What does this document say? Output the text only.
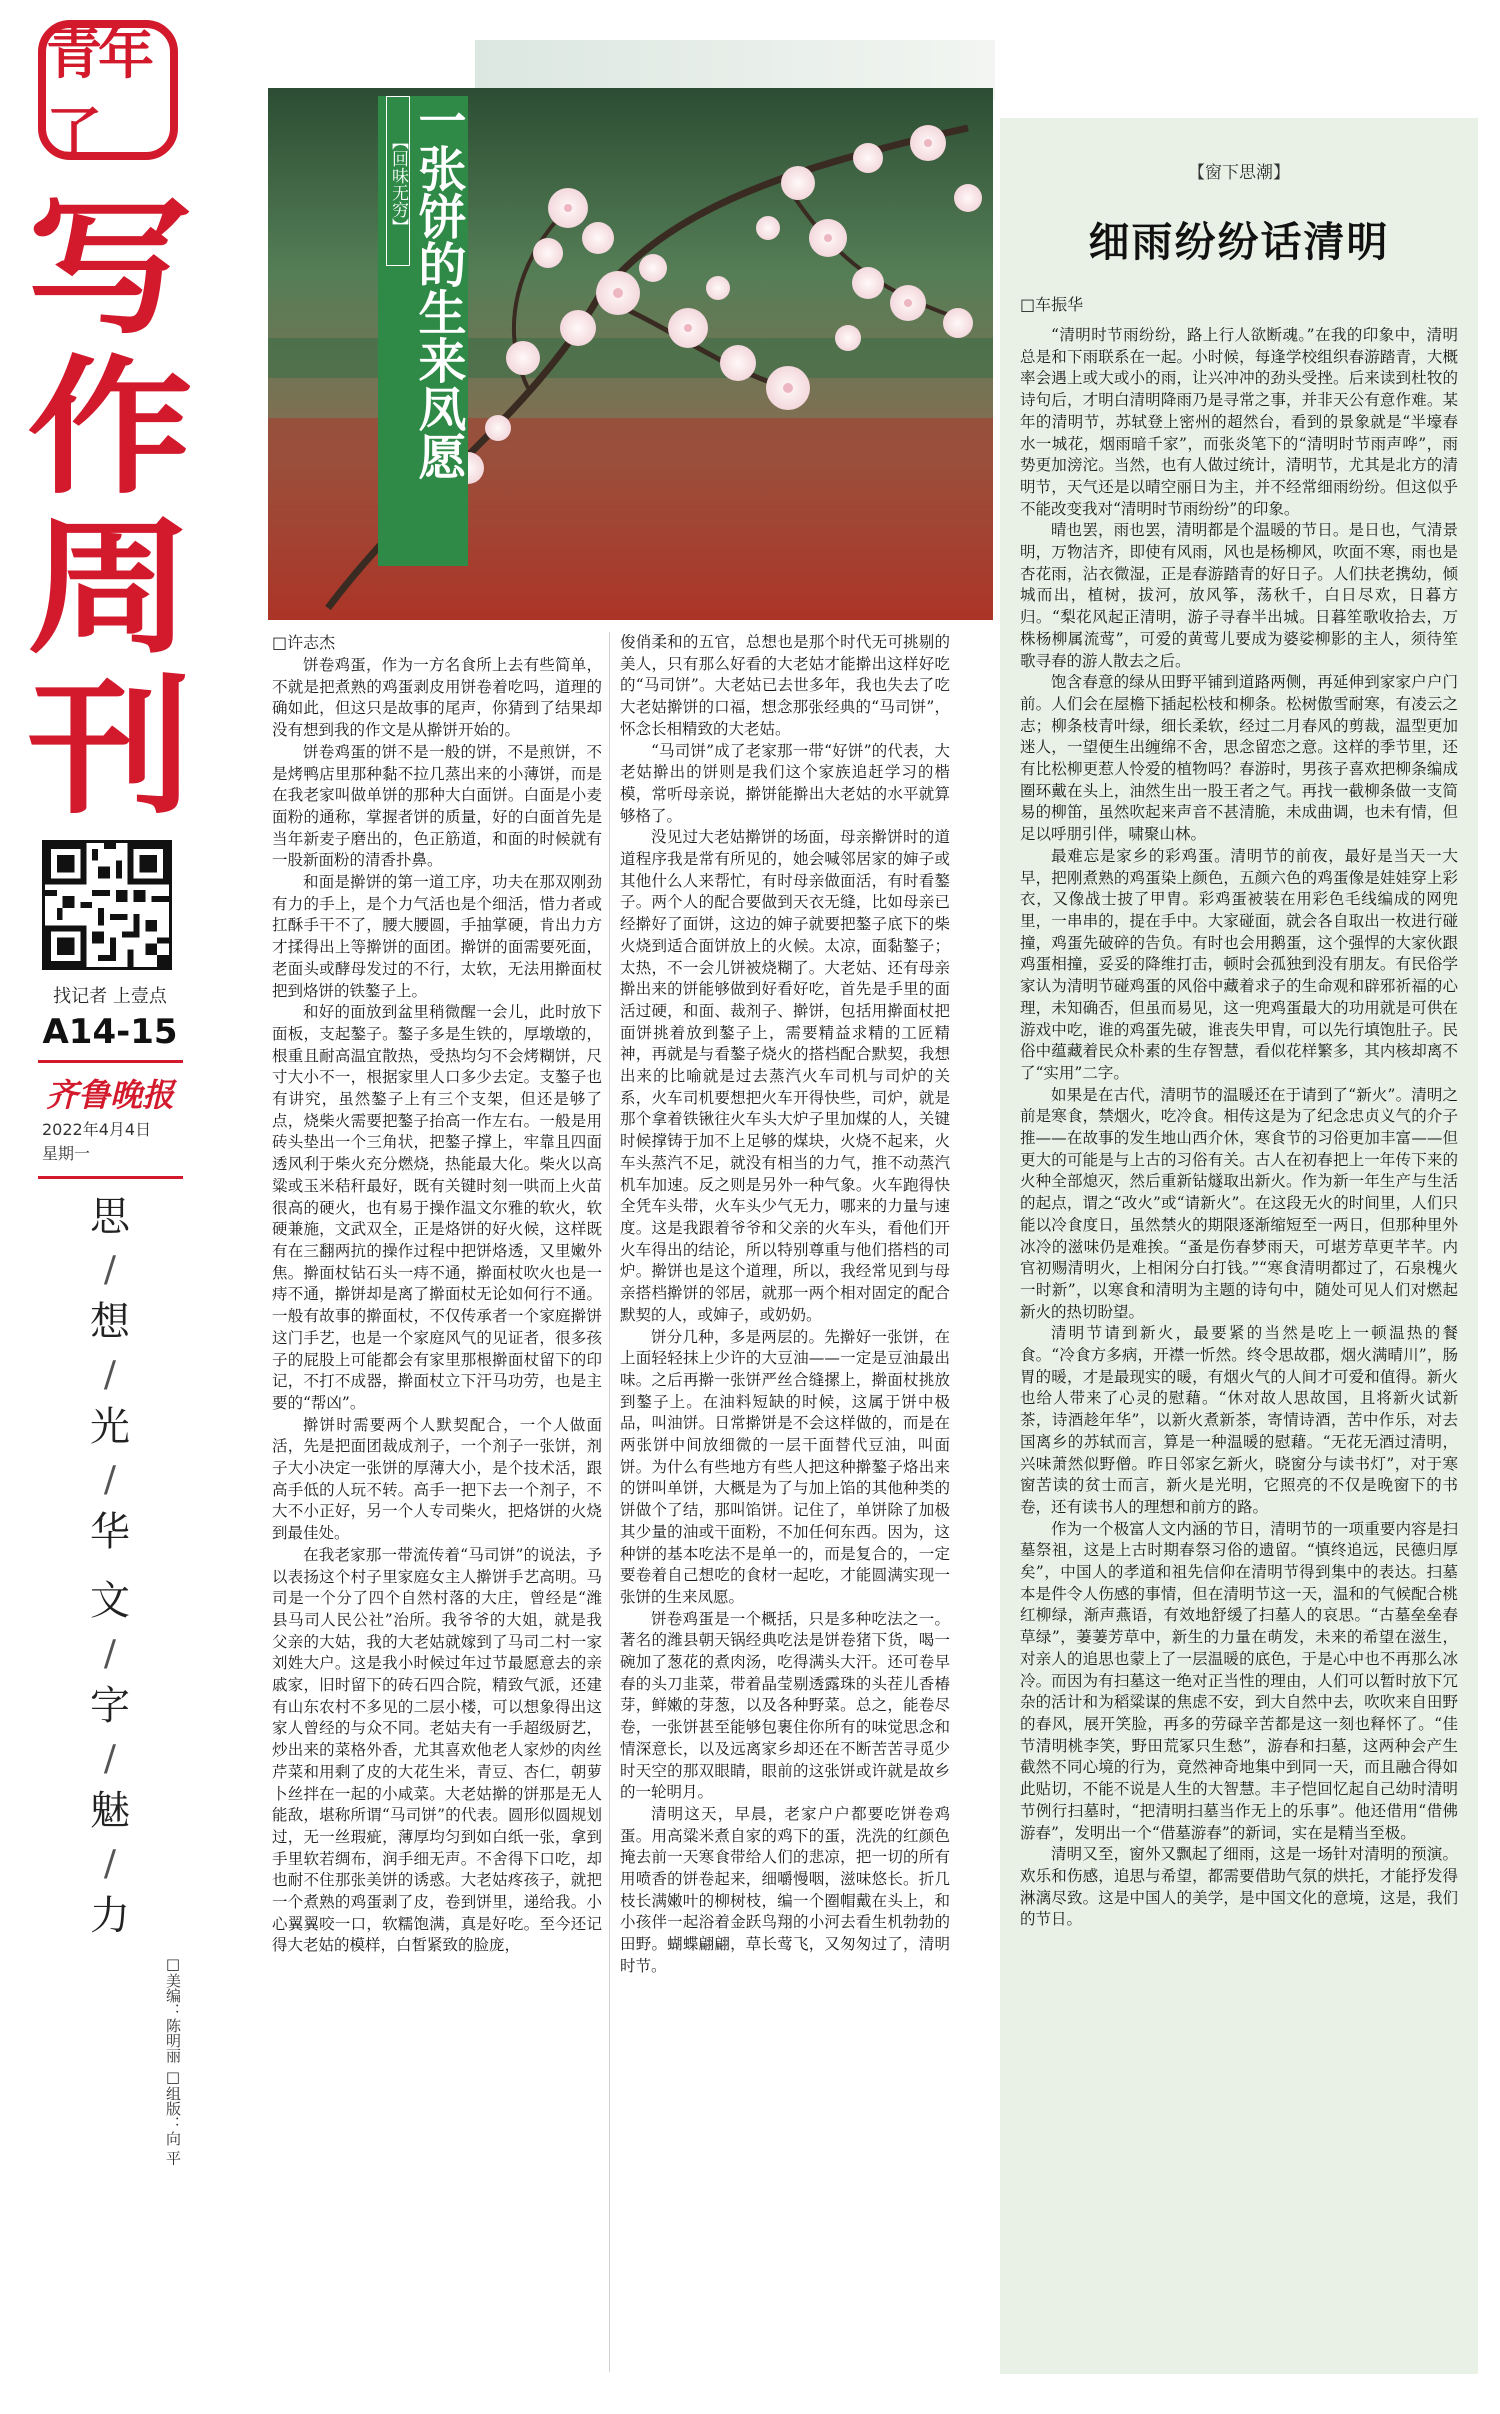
青年了
写
作
周
刊
找记者 上壹点
A14-15
齐鲁晚报
2022年4月4日
星期一
思
/
想
/
光
/
华
文
/
字
/
魅
/
力
□美编：陈明丽 □组版：向 平
【回味无穷】 一张饼的生来凤愿	【窗下思潮】
细雨纷纷话清明
□车振华

“清明时节雨纷纷，路上行人欲断魂。”在我的印象中，清明总是和下雨联系在一起。小时候，每逢学校组织春游踏青，大概率会遇上或大或小的雨，让兴冲冲的劲头受挫。后来读到杜牧的诗句后，才明白清明降雨乃是寻常之事，并非天公有意作难。某年的清明节，苏轼登上密州的超然台，看到的景象就是“半壕春水一城花，烟雨暗千家”，而张炎笔下的“清明时节雨声哗”，雨势更加滂沱。当然，也有人做过统计，清明节，尤其是北方的清明节，天气还是以晴空丽日为主，并不经常细雨纷纷。但这似乎不能改变我对“清明时节雨纷纷”的印象。

晴也罢，雨也罢，清明都是个温暖的节日。是日也，气清景明，万物洁齐，即使有风雨，风也是杨柳风，吹面不寒，雨也是杏花雨，沾衣微湿，正是春游踏青的好日子。人们扶老携幼，倾城而出，植树，拔河，放风筝，荡秋千，白日尽欢，日暮方归。“梨花风起正清明，游子寻春半出城。日暮笙歌收拾去，万株杨柳属流莺”，可爱的黄莺儿要成为婆娑柳影的主人，须待笙歌寻春的游人散去之后。

饱含春意的绿从田野平铺到道路两侧，再延伸到家家户户门前。人们会在屋檐下插起松枝和柳条。松树傲雪耐寒，有凌云之志；柳条枝青叶绿，细长柔软，经过二月春风的剪裁，温型更加迷人，一望便生出缠绵不舍，思念留恋之意。这样的季节里，还有比松柳更惹人怜爱的植物吗？春游时，男孩子喜欢把柳条编成圈环戴在头上，油然生出一股王者之气。再找一截柳条做一支简易的柳笛，虽然吹起来声音不甚清脆，未成曲调，也未有情，但足以呼朋引伴，啸聚山林。

最难忘是家乡的彩鸡蛋。清明节的前夜，最好是当天一大早，把刚煮熟的鸡蛋染上颜色，五颜六色的鸡蛋像是娃娃穿上彩衣，又像战士披了甲胄。彩鸡蛋被装在用彩色毛线编成的网兜里，一串串的，提在手中。大家碰面，就会各自取出一枚进行碰撞，鸡蛋先破碎的告负。有时也会用鹅蛋，这个强悍的大家伙跟鸡蛋相撞，妥妥的降维打击，顿时会孤独到没有朋友。有民俗学家认为清明节碰鸡蛋的风俗中藏着求子的生命观和辟邪祈福的心理，未知确否，但虽而易见，这一兜鸡蛋最大的功用就是可供在游戏中吃，谁的鸡蛋先破，谁丧失甲胄，可以先行填饱肚子。民俗中蕴藏着民众朴素的生存智慧，看似花样繁多，其内核却离不了“实用”二字。

如果是在古代，清明节的温暖还在于请到了“新火”。清明之前是寒食，禁烟火，吃冷食。相传这是为了纪念忠贞义气的介子推——在故事的发生地山西介休，寒食节的习俗更加丰富——但更大的可能是与上古的习俗有关。古人在初春把上一年传下来的火种全部熄灭，然后重新钻燧取出新火。作为新一年生产与生活的起点，谓之“改火”或“请新火”。在这段无火的时间里，人们只能以冷食度日，虽然禁火的期限逐渐缩短至一两日，但那种里外冰冷的滋味仍是难挨。“蚤是伤春梦雨天，可堪芳草更芊芊。内官初赐清明火，上相闲分白打钱。”“寒食清明都过了，石泉槐火一时新”，以寒食和清明为主题的诗句中，随处可见人们对燃起新火的热切盼望。

清明节请到新火，最要紧的当然是吃上一顿温热的餐食。“冷食方多病，开襟一忻然。终令思故郡，烟火满晴川”，肠胃的暖，才是最现实的暖，有烟火气的人间才可爱和值得。新火也给人带来了心灵的慰藉。“休对故人思故国，且将新火试新茶，诗酒趁年华”，以新火煮新茶，寄情诗酒，苦中作乐，对去国离乡的苏轼而言，算是一种温暖的慰藉。“无花无酒过清明，兴味萧然似野僧。昨日邻家乞新火，晓窗分与读书灯”，对于寒窗苦读的贫士而言，新火是光明，它照亮的不仅是晚窗下的书卷，还有读书人的理想和前方的路。

作为一个极富人文内涵的节日，清明节的一项重要内容是扫墓祭祖，这是上古时期春祭习俗的遗留。“慎终追远，民德归厚矣”，中国人的孝道和祖先信仰在清明节得到集中的表达。扫墓本是件令人伤感的事情，但在清明节这一天，温和的气候配合桃红柳绿，渐声燕语，有效地舒缓了扫墓人的哀思。“古墓垒垒春草绿”，萋萋芳草中，新生的力量在萌发，未来的希望在滋生，对亲人的追思也蒙上了一层温暖的底色，于是心中也不再那么冰冷。而因为有扫墓这一绝对正当性的理由，人们可以暂时放下冗杂的活计和为稻粱谋的焦虑不安，到大自然中去，吹吹来自田野的春风，展开笑脸，再多的劳碌辛苦都是这一刻也释怀了。“佳节清明桃李笑，野田荒冢只生愁”，游春和扫墓，这两种会产生截然不同心境的行为，竟然神奇地集中到同一天，而且融合得如此贴切，不能不说是人生的大智慧。丰子恺回忆起自己幼时清明节例行扫墓时，“把清明扫墓当作无上的乐事”。他还借用“借佛游春”，发明出一个“借墓游春”的新词，实在是精当至极。

清明又至，窗外又飘起了细雨，这是一场针对清明的预演。欢乐和伤感，追思与希望，都需要借助气氛的烘托，才能抒发得淋漓尽致。这是中国人的美学，是中国文化的意境，这是，我们的节日。

□许志杰

饼卷鸡蛋，作为一方名食所上去有些简单，不就是把煮熟的鸡蛋剥皮用饼卷着吃吗，道理的确如此，但这只是故事的尾声，你猜到了结果却没有想到我的作文是从擀饼开始的。

饼卷鸡蛋的饼不是一般的饼，不是煎饼，不是烤鸭店里那种黏不拉几蒸出来的小薄饼，而是在我老家叫做单饼的那种大白面饼。白面是小麦面粉的通称，掌握者饼的质量，好的白面首先是当年新麦子磨出的，色正筋道，和面的时候就有一股新面粉的清香扑鼻。

和面是擀饼的第一道工序，功夫在那双刚劲有力的手上，是个力气活也是个细活，惜力者或扛酥手干不了，腰大腰圆，手抽掌硬，肯出力方才揉得出上等擀饼的面团。擀饼的面需要死面，老面头或酵母发过的不行，太软，无法用擀面杖把到烙饼的铁鏊子上。

和好的面放到盆里稍微醒一会儿，此时放下面板，支起鏊子。鏊子多是生铁的，厚墩墩的，根重且耐高温宜散热，受热均匀不会烤糊饼，尺寸大小不一，根据家里人口多少去定。支鏊子也有讲究，虽然鏊子上有三个支架，但还是够了点，烧柴火需要把鏊子抬高一作左右。一般是用砖头垫出一个三角状，把鏊子撑上，牢靠且四面透风利于柴火充分燃烧，热能最大化。柴火以高粱或玉米秸秆最好，既有关键时刻一哄而上火苗很高的硬火，也有易于操作温文尔雅的软火，软硬兼施，文武双全，正是烙饼的好火候，这样既有在三翻两抗的操作过程中把饼烙透，又里嫩外焦。擀面杖钻石头一痔不通，擀面杖吹火也是一痔不通，擀饼却是离了擀面杖无论如何行不通。一般有故事的擀面杖，不仅传承者一个家庭擀饼这门手艺，也是一个家庭风气的见证者，很多孩子的屁股上可能都会有家里那根擀面杖留下的印记，不打不成器，擀面杖立下汗马功劳，也是主要的“帮凶”。

擀饼时需要两个人默契配合，一个人做面活，先是把面团裁成剂子，一个剂子一张饼，剂子大小决定一张饼的厚薄大小，是个技术活，跟高手低的人玩不转。高手一把下去一个剂子，不大不小正好，另一个人专司柴火，把烙饼的火烧到最佳处。

在我老家那一带流传着“马司饼”的说法，予以表扬这个村子里家庭女主人擀饼手艺高明。马司是一个分了四个自然村落的大庄，曾经是“潍县马司人民公社”治所。我爷爷的大姐，就是我父亲的大姑，我的大老姑就嫁到了马司二村一家刘姓大户。这是我小时候过年过节最愿意去的亲戚家，旧时留下的砖石四合院，精致气派，还建有山东农村不多见的二层小楼，可以想象得出这家人曾经的与众不同。老姑夫有一手超级厨艺，炒出来的菜格外香，尤其喜欢他老人家炒的肉丝芹菜和用剩了皮的大花生米，青豆、杏仁，朝萝卜丝拌在一起的小咸菜。大老姑擀的饼那是无人能敌，堪称所谓“马司饼”的代表。圆形似圆规划过，无一丝瑕疵，薄厚均匀到如白纸一张，拿到手里软若绸布，润手细无声。不舍得下口吃，却也耐不住那张美饼的诱惑。大老姑疼孩子，就把一个煮熟的鸡蛋剥了皮，卷到饼里，递给我。小心翼翼咬一口，软糯饱满，真是好吃。至今还记得大老姑的模样，白皙紧致的脸庞，

俊俏柔和的五官，总想也是那个时代无可挑剔的美人，只有那么好看的大老姑才能擀出这样好吃的“马司饼”。大老姑已去世多年，我也失去了吃大老姑擀饼的口福，想念那张经典的“马司饼”，怀念长相精致的大老姑。

“马司饼”成了老家那一带“好饼”的代表，大老姑擀出的饼则是我们这个家族追赶学习的楷模，常听母亲说，擀饼能擀出大老姑的水平就算够格了。

没见过大老姑擀饼的场面，母亲擀饼时的道道程序我是常有所见的，她会喊邻居家的婶子或其他什么人来帮忙，有时母亲做面活，有时看鏊子。两个人的配合要做到天衣无缝，比如母亲已经擀好了面饼，这边的婶子就要把鏊子底下的柴火烧到适合面饼放上的火候。太凉，面黏鏊子；太热，不一会儿饼被烧糊了。大老姑、还有母亲擀出来的饼能够做到好看好吃，首先是手里的面活过硬，和面、裁剂子、擀饼，包括用擀面杖把面饼挑着放到鏊子上，需要精益求精的工匠精神，再就是与看鏊子烧火的搭档配合默契，我想出来的比喻就是过去蒸汽火车司机与司炉的关系，火车司机要想把火车开得快些，司炉，就是那个拿着铁锹往火车头大炉子里加煤的人，关键时候撑铸于加不上足够的煤块，火烧不起来，火车头蒸汽不足，就没有相当的力气，推不动蒸汽机车加速。反之则是另外一种气象。火车跑得快全凭车头带，火车头少气无力，哪来的力量与速度。这是我跟着爷爷和父亲的火车头，看他们开火车得出的结论，所以特别尊重与他们搭档的司炉。擀饼也是这个道理，所以，我经常见到与母亲搭档擀饼的邻居，就那一两个相对固定的配合默契的人，或婶子，或奶奶。

饼分几种，多是两层的。先擀好一张饼，在上面轻轻抹上少许的大豆油——一定是豆油最出味。之后再擀一张饼严丝合缝摞上，擀面杖挑放到鏊子上。在油料短缺的时候，这属于饼中极品，叫油饼。日常擀饼是不会这样做的，而是在两张饼中间放细微的一层干面替代豆油，叫面饼。为什么有些地方有些人把这种擀鏊子烙出来的饼叫单饼，大概是为了与加上馅的其他种类的饼做个了结，那叫馅饼。记住了，单饼除了加极其少量的油或干面粉，不加任何东西。因为，这种饼的基本吃法不是单一的，而是复合的，一定要卷着自己想吃的食材一起吃，才能圆满实现一张饼的生来凤愿。

饼卷鸡蛋是一个概括，只是多种吃法之一。著名的潍县朝天锅经典吃法是饼卷猪下货，喝一碗加了葱花的煮肉汤，吃得满头大汗。还可卷早春的头刀韭菜，带着晶莹剔透露珠的头茬儿香椿芽，鲜嫩的芽葱，以及各种野菜。总之，能卷尽卷，一张饼甚至能够包裹住你所有的味觉思念和情深意长，以及远离家乡却还在不断苦苦寻觅少时天空的那双眼睛，眼前的这张饼或许就是故乡的一轮明月。

清明这天，早晨，老家户户都要吃饼卷鸡蛋。用高粱米煮自家的鸡下的蛋，洗洗的红颜色掩去前一天寒食带给人们的悲凉，把一切的所有用喷香的饼卷起来，细嚼慢咽，滋味悠长。折几枝长满嫩叶的柳树枝，编一个圈帽戴在头上，和小孩伴一起浴着金跃鸟翔的小河去看生机勃勃的田野。蝴蝶翩翩，草长莺飞，又匆匆过了，清明时节。
